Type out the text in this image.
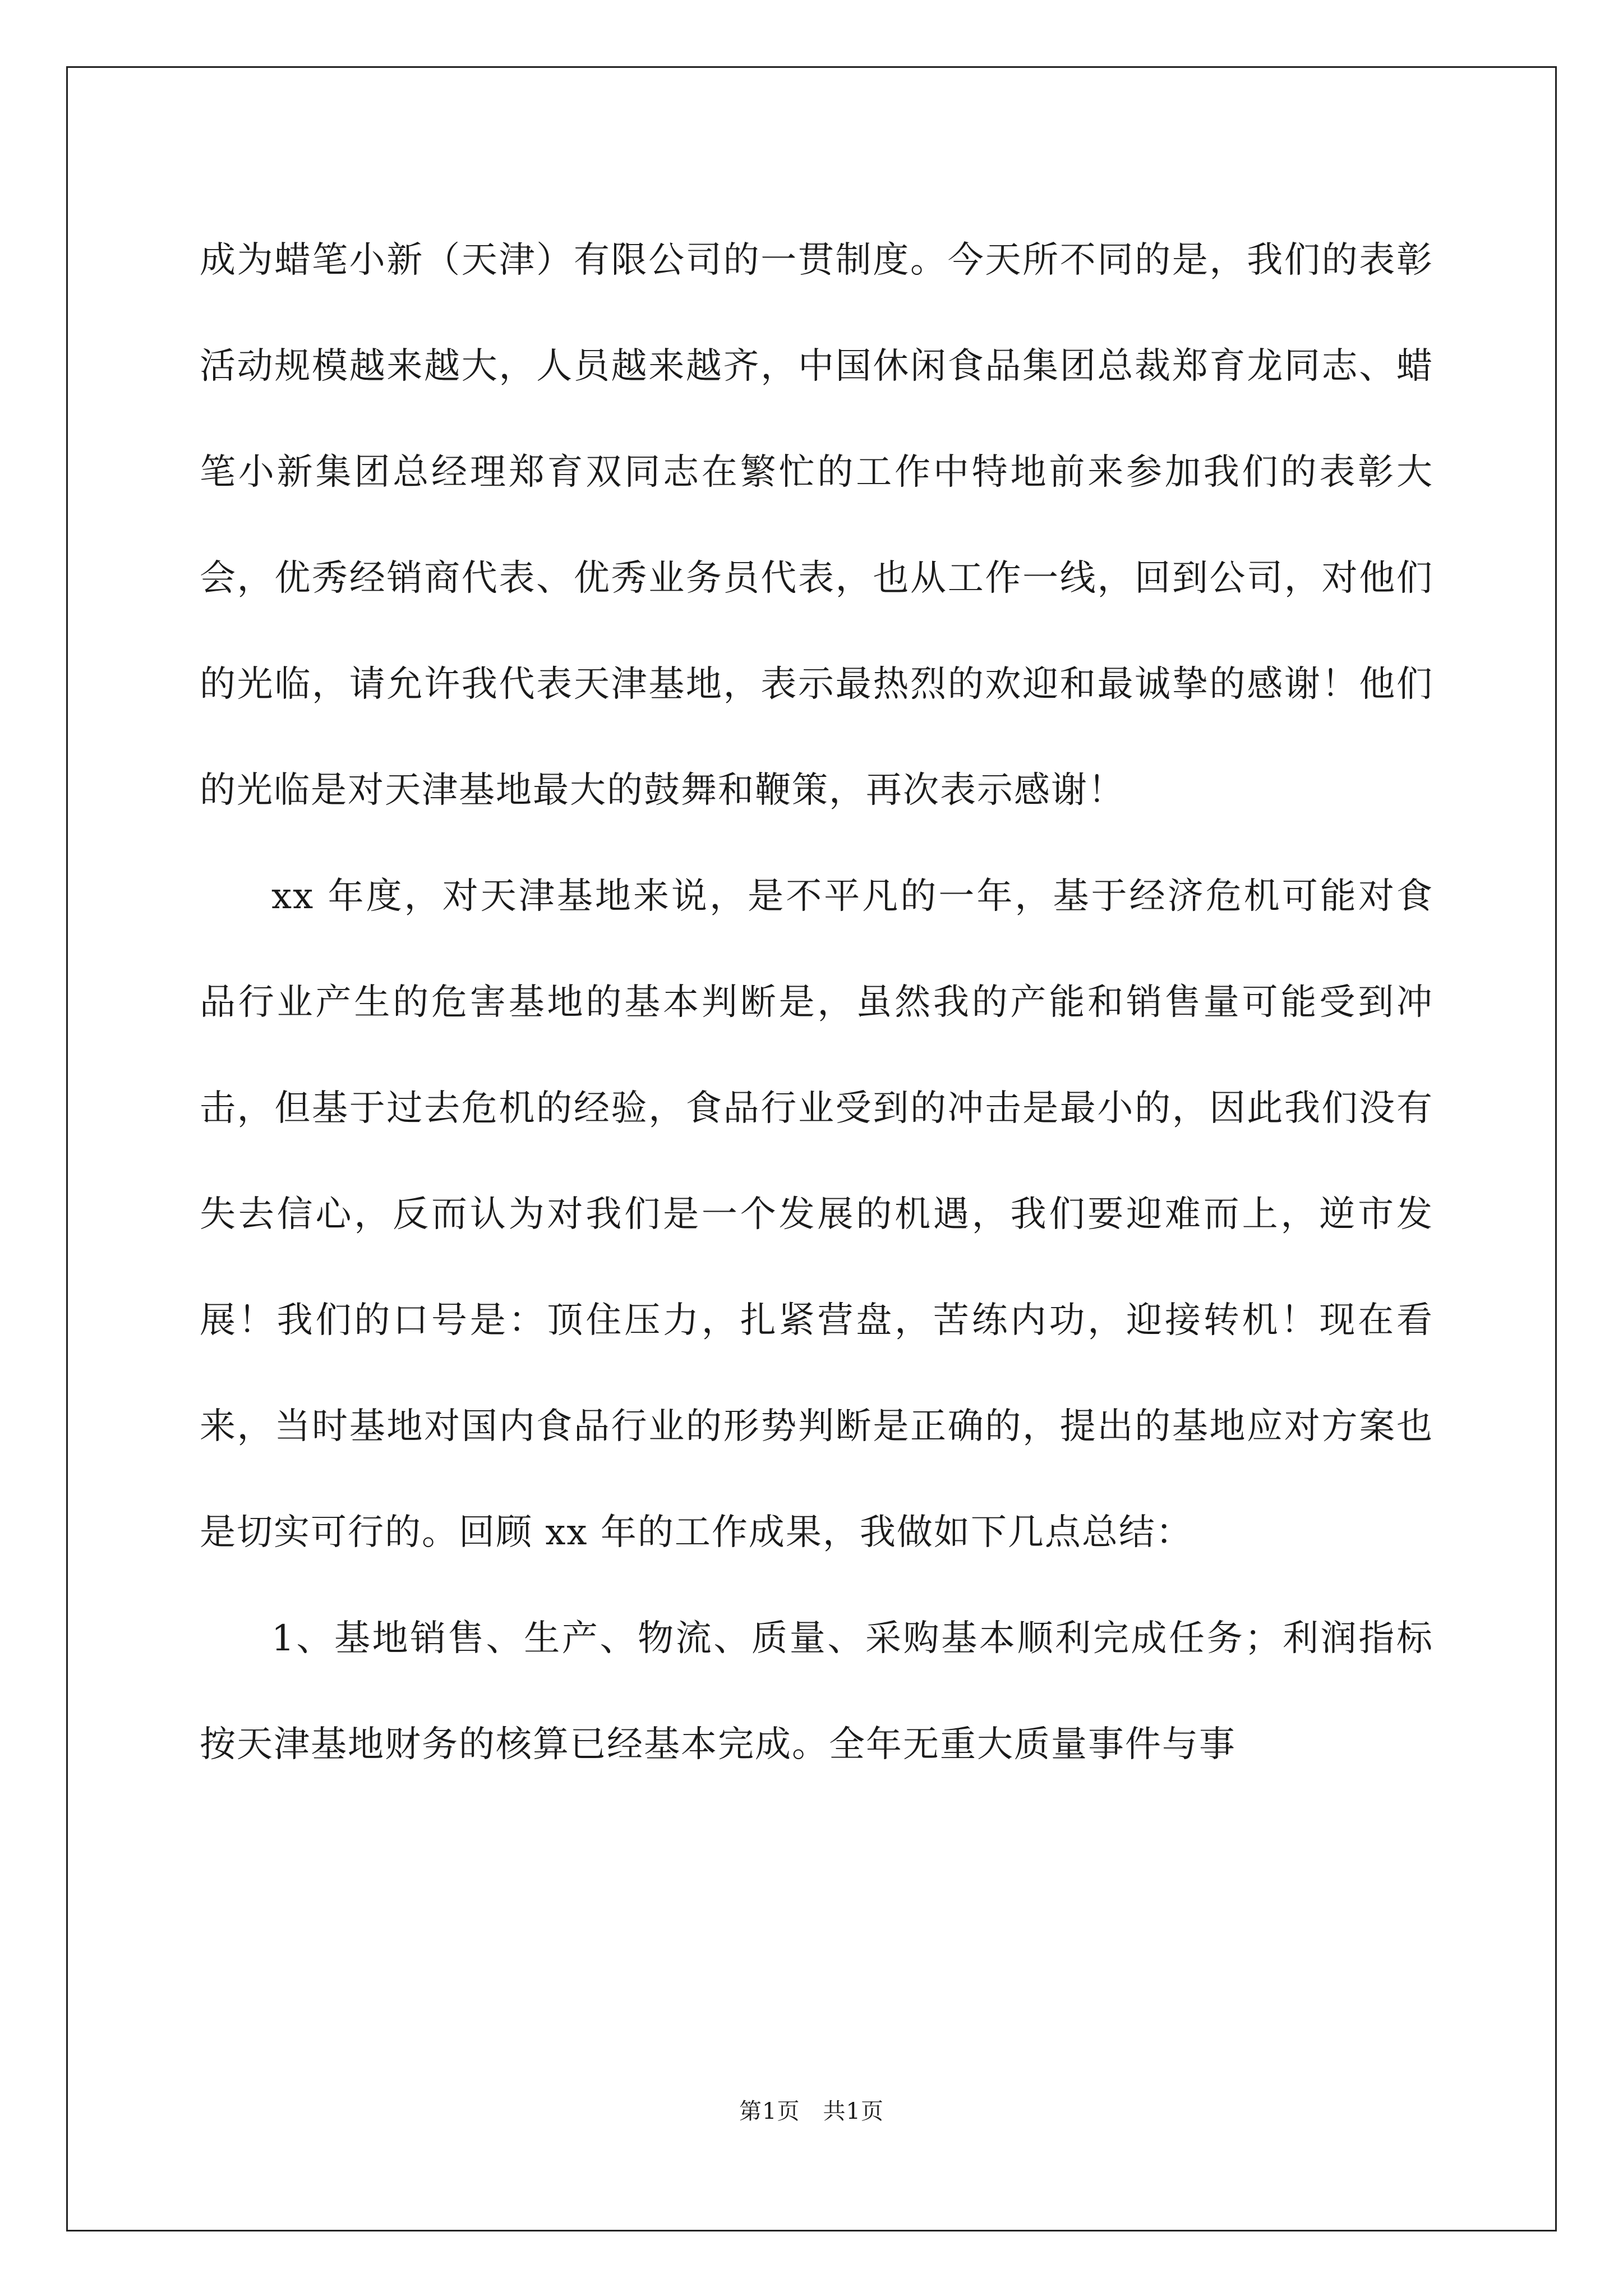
成为蜡笔小新（天津）有限公司的一贯制度。今天所不同的是，我们的表彰活动规模越来越大，人员越来越齐，中国休闲食品集团总裁郑育龙同志、蜡笔小新集团总经理郑育双同志在繁忙的工作中特地前来参加我们的表彰大会，优秀经销商代表、优秀业务员代表，也从工作一线，回到公司，对他们的光临，请允许我代表天津基地，表示最热烈的欢迎和最诚挚的感谢！他们的光临是对天津基地最大的鼓舞和鞭策，再次表示感谢！

xx 年度，对天津基地来说，是不平凡的一年，基于经济危机可能对食品行业产生的危害基地的基本判断是，虽然我的产能和销售量可能受到冲击，但基于过去危机的经验，食品行业受到的冲击是最小的，因此我们没有失去信心，反而认为对我们是一个发展的机遇，我们要迎难而上，逆市发展！我们的口号是：顶住压力，扎紧营盘，苦练内功，迎接转机！现在看来，当时基地对国内食品行业的形势判断是正确的，提出的基地应对方案也是切实可行的。回顾 xx 年的工作成果，我做如下几点总结：

1、基地销售、生产、物流、质量、采购基本顺利完成任务；利润指标按天津基地财务的核算已经基本完成。全年无重大质量事件与事

第1页　共1页
